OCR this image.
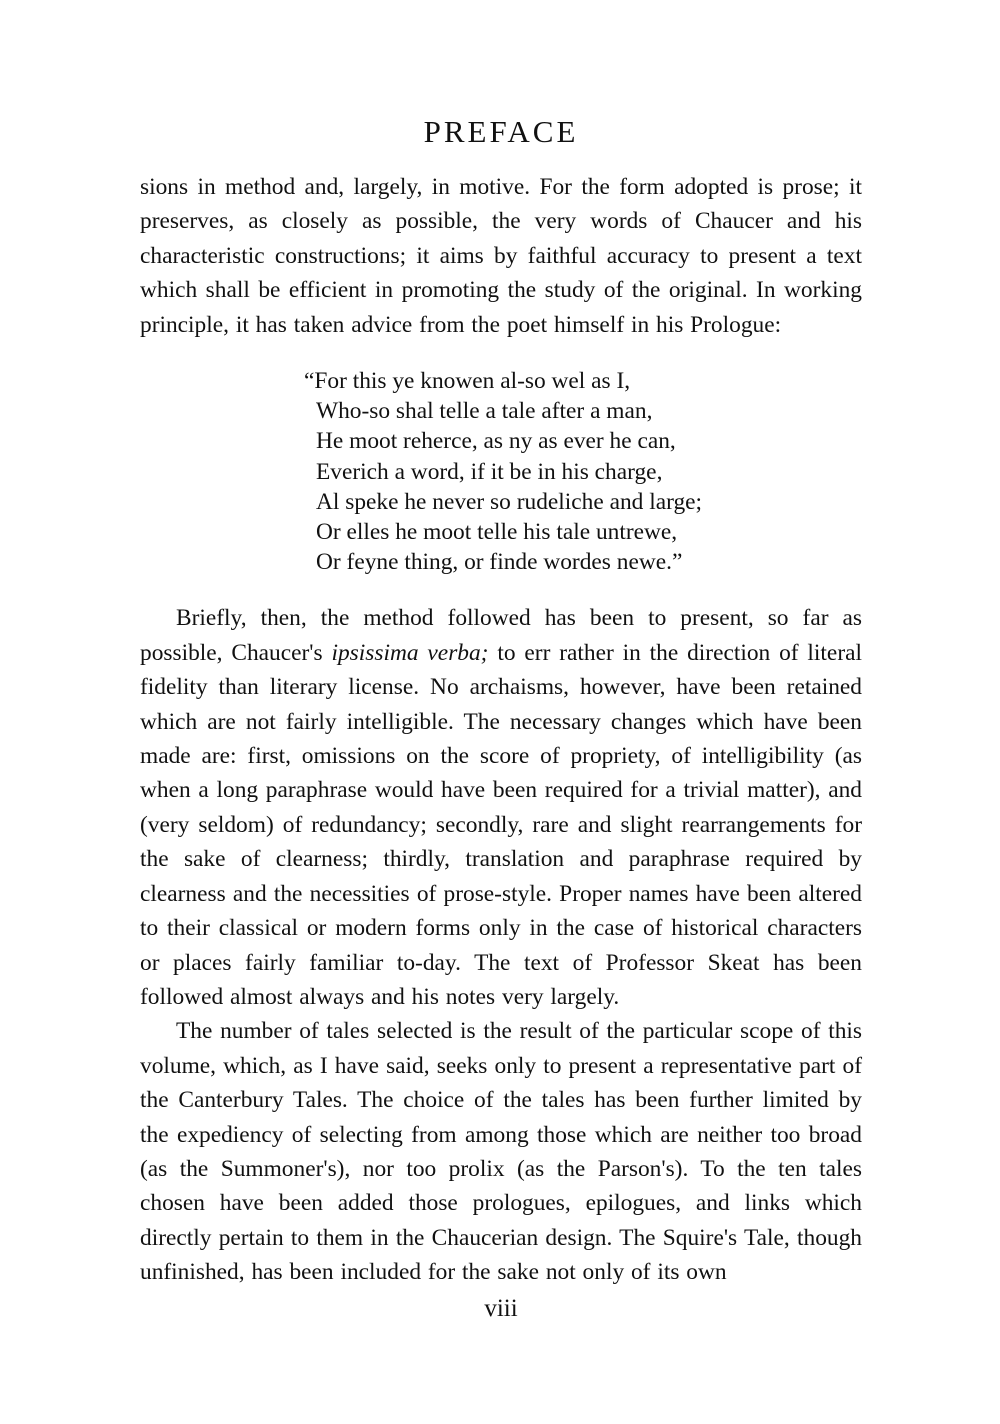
PREFACE

sions in method and, largely, in motive. For the form adopted is prose; it preserves, as closely as possible, the very words of Chaucer and his characteristic constructions; it aims by faithful accuracy to present a text which shall be efficient in promoting the study of the original. In working principle, it has taken advice from the poet himself in his Prologue:

“For this ye knowen al-so wel as I,
Who-so shal telle a tale after a man,
He moot reherce, as ny as ever he can,
Everich a word, if it be in his charge,
Al speke he never so rudeliche and large;
Or elles he moot telle his tale untrewe,
Or feyne thing, or finde wordes newe.”

Briefly, then, the method followed has been to present, so far as possible, Chaucer's ipsissima verba; to err rather in the direction of literal fidelity than literary license. No archaisms, however, have been retained which are not fairly intelligible. The necessary changes which have been made are: first, omissions on the score of propriety, of intelligibility (as when a long paraphrase would have been required for a trivial matter), and (very seldom) of redundancy; secondly, rare and slight rearrangements for the sake of clearness; thirdly, translation and paraphrase required by clearness and the necessities of prose-style. Proper names have been altered to their classical or modern forms only in the case of historical characters or places fairly familiar to-day. The text of Professor Skeat has been followed almost always and his notes very largely.

The number of tales selected is the result of the particular scope of this volume, which, as I have said, seeks only to present a representative part of the Canterbury Tales. The choice of the tales has been further limited by the expediency of selecting from among those which are neither too broad (as the Summoner's), nor too prolix (as the Parson's). To the ten tales chosen have been added those prologues, epilogues, and links which directly pertain to them in the Chaucerian design. The Squire's Tale, though unfinished, has been included for the sake not only of its own

viii
